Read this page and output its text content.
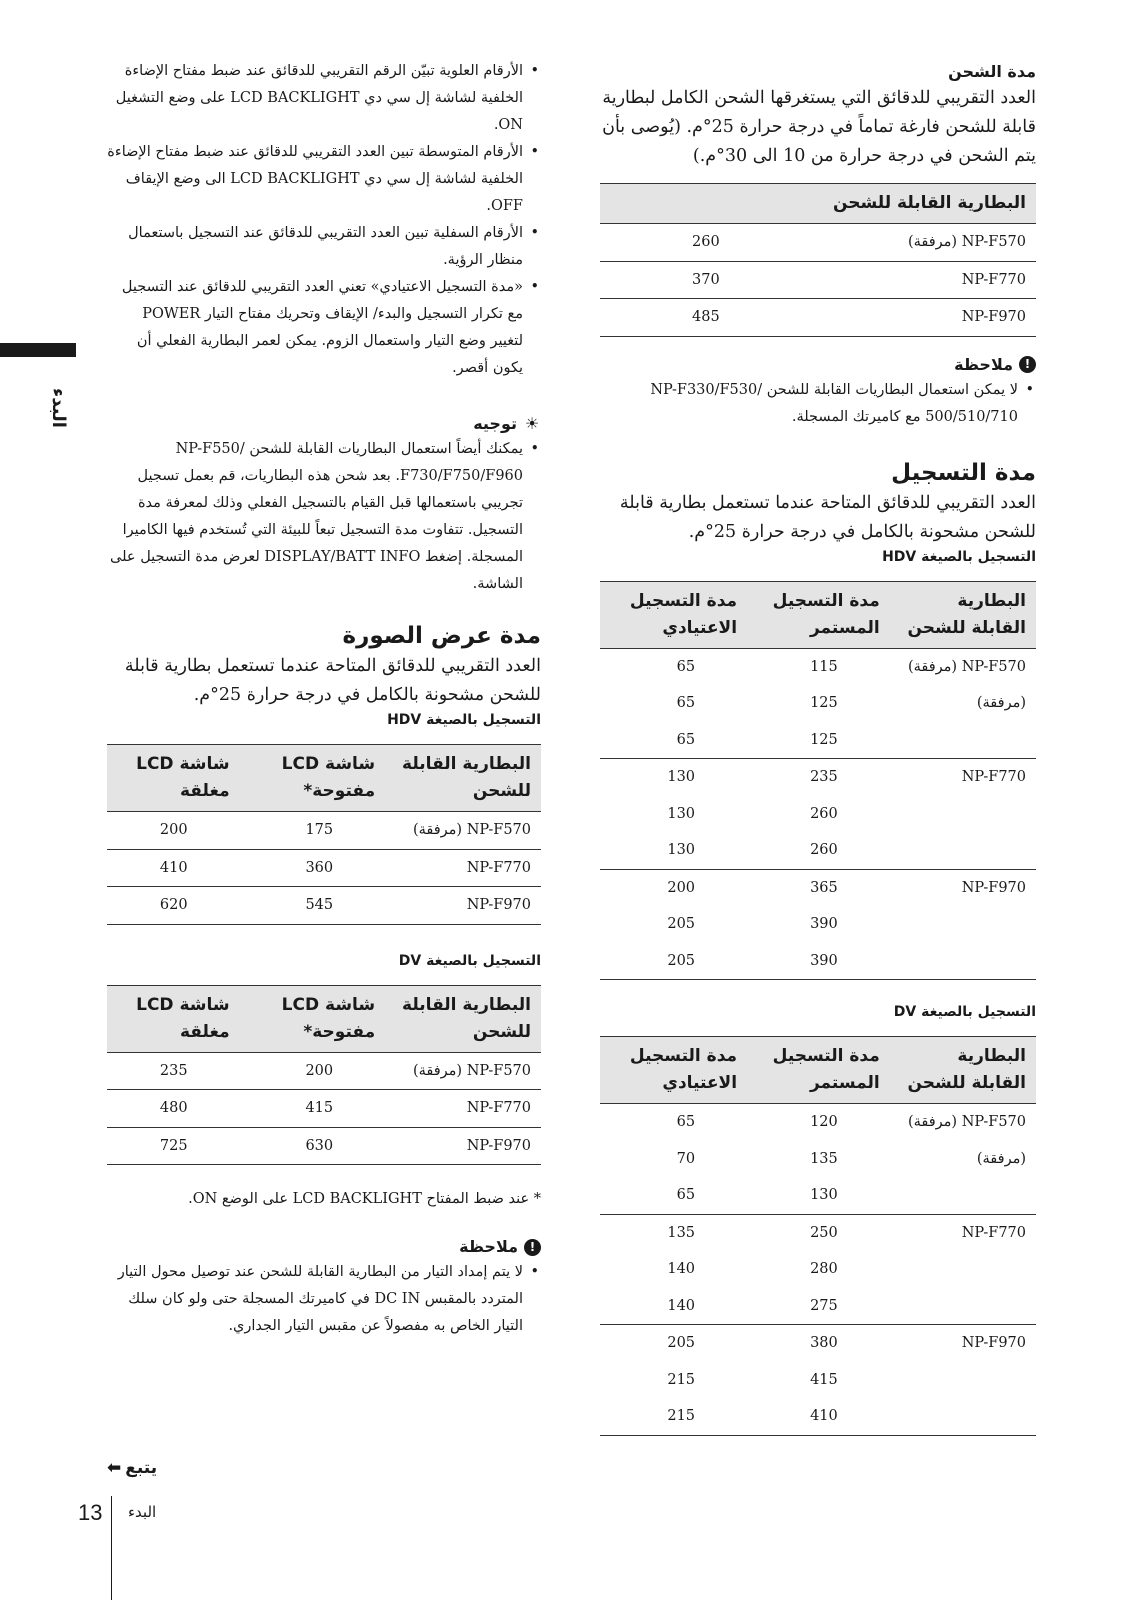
البدء
مدة الشحن

العدد التقريبي للدقائق التي يستغرقها الشحن الكامل لبطارية قابلة للشحن فارغة تماماً في درجة حرارة 25°م. (يُوصى بأن يتم الشحن في درجة حرارة من 10 الى 30°م.)

البطارية القابلة للشحن	
NP-F570 (مرفقة)	260
NP-F770	370
NP-F970	485
!
ملاحظة
• لا يمكن استعمال البطاريات القابلة للشحن NP-F330/F530/ 500/510/710 مع كاميرتك المسجلة.
مدة التسجيل

العدد التقريبي للدقائق المتاحة عندما تستعمل بطارية قابلة للشحن مشحونة بالكامل في درجة حرارة 25°م.

التسجيل بالصيغة HDV
البطارية القابلة للشحن	مدة التسجيل المستمر	مدة التسجيل الاعتيادي
NP-F570 (مرفقة)	115	65
(مرفقة)	125	65
	125	65
NP-F770	235	130
	260	130
	260	130
NP-F970	365	200
	390	205
	390	205
التسجيل بالصيغة DV
البطارية القابلة للشحن	مدة التسجيل المستمر	مدة التسجيل الاعتيادي
NP-F570 (مرفقة)	120	65
(مرفقة)	135	70
	130	65
NP-F770	250	135
	280	140
	275	140
NP-F970	380	205
	415	215
	410	215
• الأرقام العلوية تبيّن الرقم التقريبي للدقائق عند ضبط مفتاح الإضاءة الخلفية لشاشة إل سي دي LCD BACKLIGHT على وضع التشغيل ON.
• الأرقام المتوسطة تبين العدد التقريبي للدقائق عند ضبط مفتاح الإضاءة الخلفية لشاشة إل سي دي LCD BACKLIGHT الى وضع الإيقاف OFF.
• الأرقام السفلية تبين العدد التقريبي للدقائق عند التسجيل باستعمال منظار الرؤية.
• «مدة التسجيل الاعتيادي» تعني العدد التقريبي للدقائق عند التسجيل مع تكرار التسجيل والبدء/ الإيقاف وتحريك مفتاح التيار POWER لتغيير وضع التيار واستعمال الزوم. يمكن لعمر البطارية الفعلي أن يكون أقصر.
☀
توجيه
• يمكنك أيضاً استعمال البطاريات القابلة للشحن NP-F550/ F730/F750/F960. بعد شحن هذه البطاريات، قم بعمل تسجيل تجريبي باستعمالها قبل القيام بالتسجيل الفعلي وذلك لمعرفة مدة التسجيل. تتفاوت مدة التسجيل تبعاً للبيئة التي تُستخدم فيها الكاميرا المسجلة. إضغط DISPLAY/BATT INFO لعرض مدة التسجيل على الشاشة.
مدة عرض الصورة

العدد التقريبي للدقائق المتاحة عندما تستعمل بطارية قابلة للشحن مشحونة بالكامل في درجة حرارة 25°م.

التسجيل بالصيغة HDV
البطارية القابلة للشحن	شاشة LCD مفتوحة*	شاشة LCD مغلقة
NP-F570 (مرفقة)	175	200
NP-F770	360	410
NP-F970	545	620
التسجيل بالصيغة DV
البطارية القابلة للشحن	شاشة LCD مفتوحة*	شاشة LCD مغلقة
NP-F570 (مرفقة)	200	235
NP-F770	415	480
NP-F970	630	725
* عند ضبط المفتاح LCD BACKLIGHT على الوضع ON.
!
ملاحظة
• لا يتم إمداد التيار من البطارية القابلة للشحن عند توصيل محول التيار المتردد بالمقبس DC IN في كاميرتك المسجلة حتى ولو كان سلك التيار الخاص به مفصولاً عن مقبس التيار الجداري.
يتبع
⬅
13 البدء
